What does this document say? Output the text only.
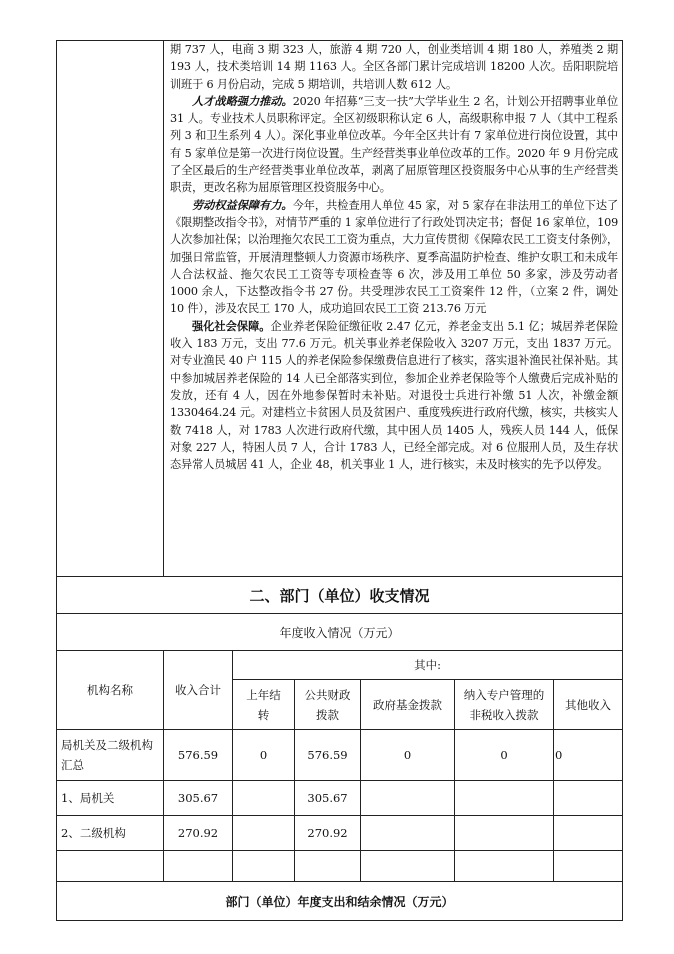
	期 737 人，电商 3 期 323 人，旅游 4 期 720 人，创业类培训 4 期 180 人，养殖类 2 期 193 人，技术类培训 14 期 1163 人。全区各部门累计完成培训 18200 人次。岳阳职院培训班于 6 月份启动，完成 5 期培训，共培训人数 612 人。

人才战略强力推动。2020 年招募“三支一扶”大学毕业生 2 名，计划公开招聘事业单位 31 人。专业技术人员职称评定。全区初级职称认定 6 人，高级职称申报 7 人（其中工程系列 3 和卫生系列 4 人）。深化事业单位改革。今年全区共计有 7 家单位进行岗位设置，其中有 5 家单位是第一次进行岗位设置。生产经营类事业单位改革的工作。2020 年 9 月份完成了全区最后的生产经营类事业单位改革，剥离了屈原管理区投资服务中心从事的生产经营类职责，更改名称为屈原管理区投资服务中心。

劳动权益保障有力。今年，共检查用人单位 45 家，对 5 家存在非法用工的单位下达了《限期整改指令书》，对情节严重的 1 家单位进行了行政处罚决定书；督促 16 家单位，109 人次参加社保；以治理拖欠农民工工资为重点，大力宣传贯彻《保障农民工工资支付条例》，加强日常监管，开展清理整顿人力资源市场秩序、夏季高温防护检查、维护女职工和未成年人合法权益、拖欠农民工工资等专项检查等 6 次，涉及用工单位 50 多家，涉及劳动者 1000 余人，下达整改指令书 27 份。共受理涉农民工工资案件 12 件，（立案 2 件，调处 10 件），涉及农民工 170 人，成功追回农民工工资 213.76 万元

强化社会保障。企业养老保险征缴征收 2.47 亿元，养老金支出 5.1 亿；城居养老保险收入 183 万元，支出 77.6 万元。机关事业养老保险收入 3207 万元，支出 1837 万元。对专业渔民 40 户 115 人的养老保险参保缴费信息进行了核实，落实退补渔民社保补贴。其中参加城居养老保险的 14 人已全部落实到位，参加企业养老保险等个人缴费后完成补贴的发放，还有 4 人，因在外地参保暂时未补贴。对退役士兵进行补缴 51 人次，补缴金额 1330464.24 元。对建档立卡贫困人员及贫困户、重度残疾进行政府代缴，核实，共核实人数 7418 人，对 1783 人次进行政府代缴，其中困人员 1405 人，残疾人员 144 人，低保对象 227 人，特困人员 7 人，合计 1783 人，已经全部完成。对 6 位服刑人员，及生存状态异常人员城居 41 人，企业 48，机关事业 1 人，进行核实，未及时核实的先予以停发。					

二、部门（单位）收支情况						
年度收入情况（万元）						
机构名称	收入合计	其中:				
		上年结转	公共财政拨款	政府基金拨款	纳入专户管理的非税收入拨款	其他收入
局机关及二级机构汇总	576.59	0	576.59	0	0	0
1、局机关	305.67		305.67			
2、二级机构	270.92		270.92			

部门（单位）年度支出和结余情况（万元）						
